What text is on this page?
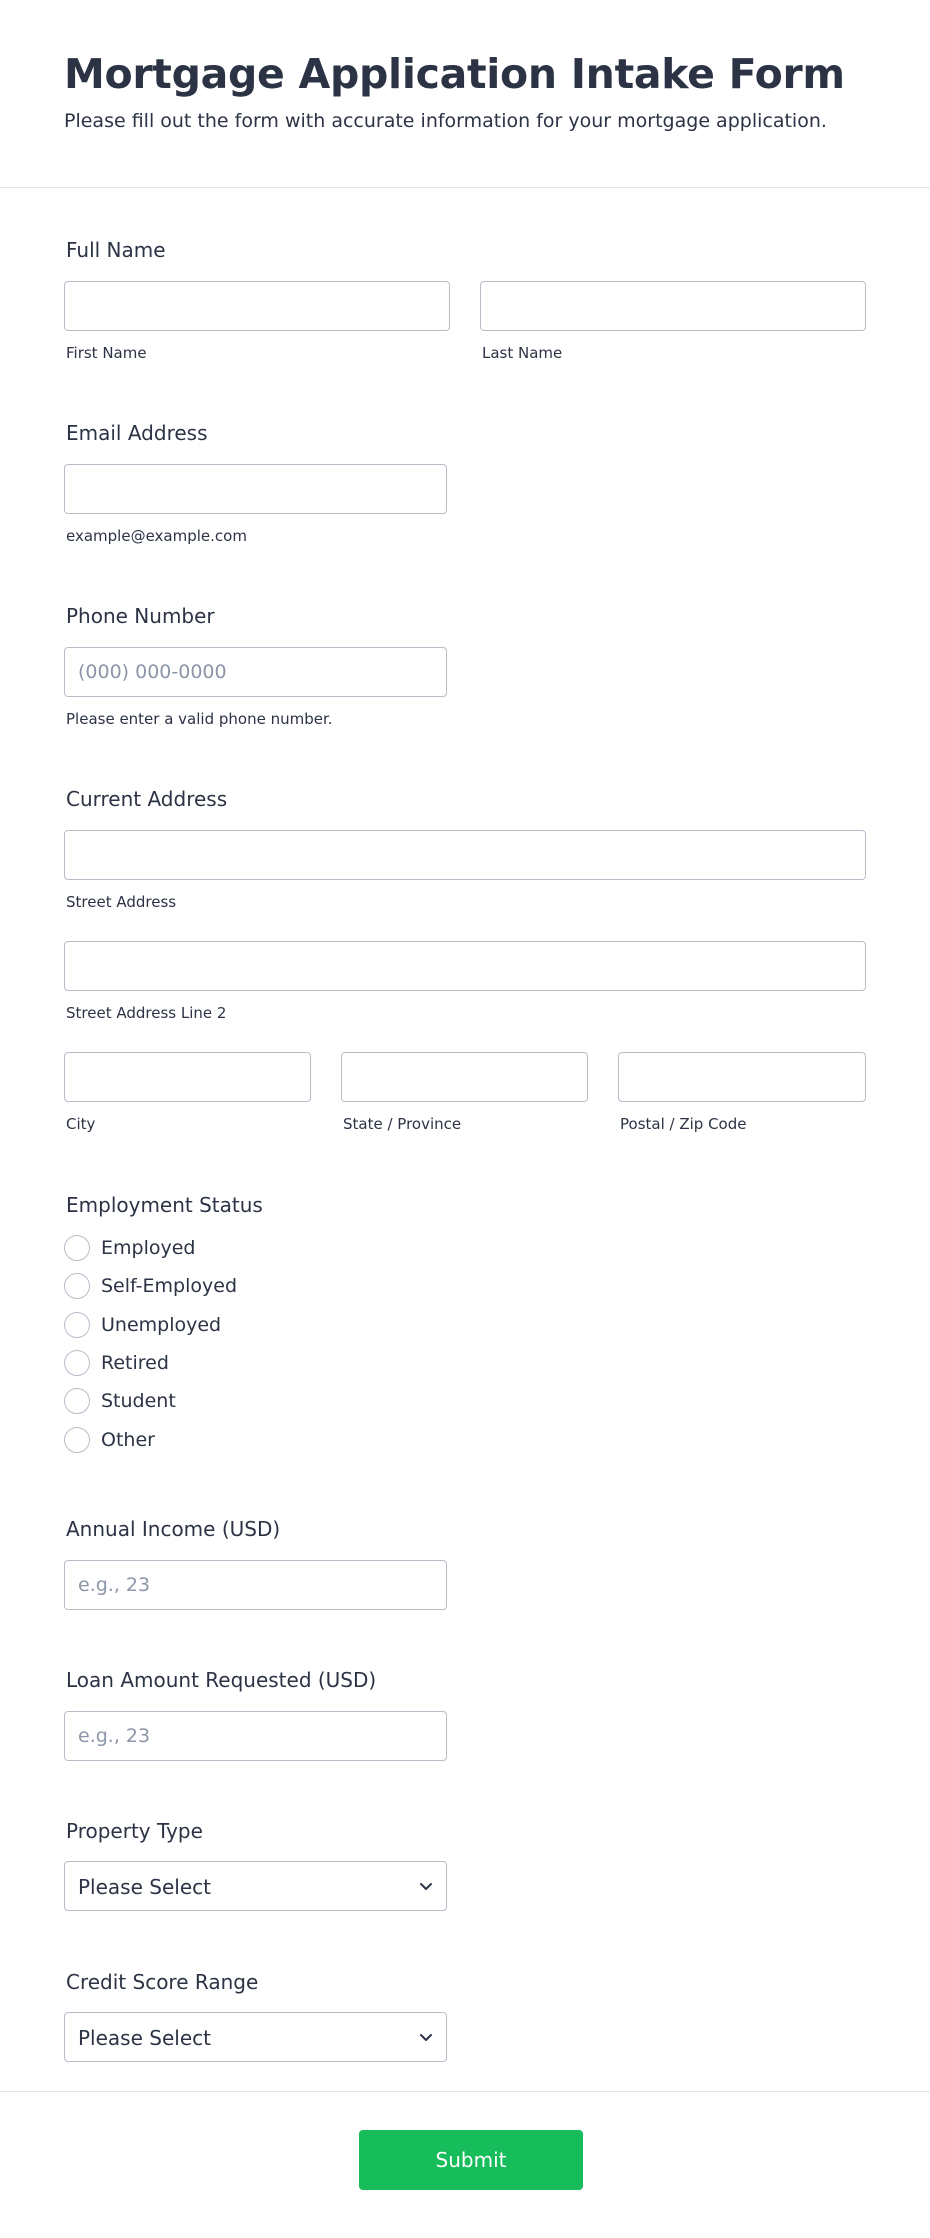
Mortgage Application Intake Form
Please fill out the form with accurate information for your mortgage application.
Full Name
First Name	Last Name
Email Address
example@example.com
Phone Number
(000) 000-0000
Please enter a valid phone number.
Current Address
Street Address
Street Address Line 2
City	State / Province	Postal / Zip Code
Employment Status
Employed
Self-Employed
Unemployed
Retired
Student
Other
Annual Income (USD)
e.g., 23
Loan Amount Requested (USD)
e.g., 23
Property Type
Please Select
Credit Score Range
Please Select
Submit
